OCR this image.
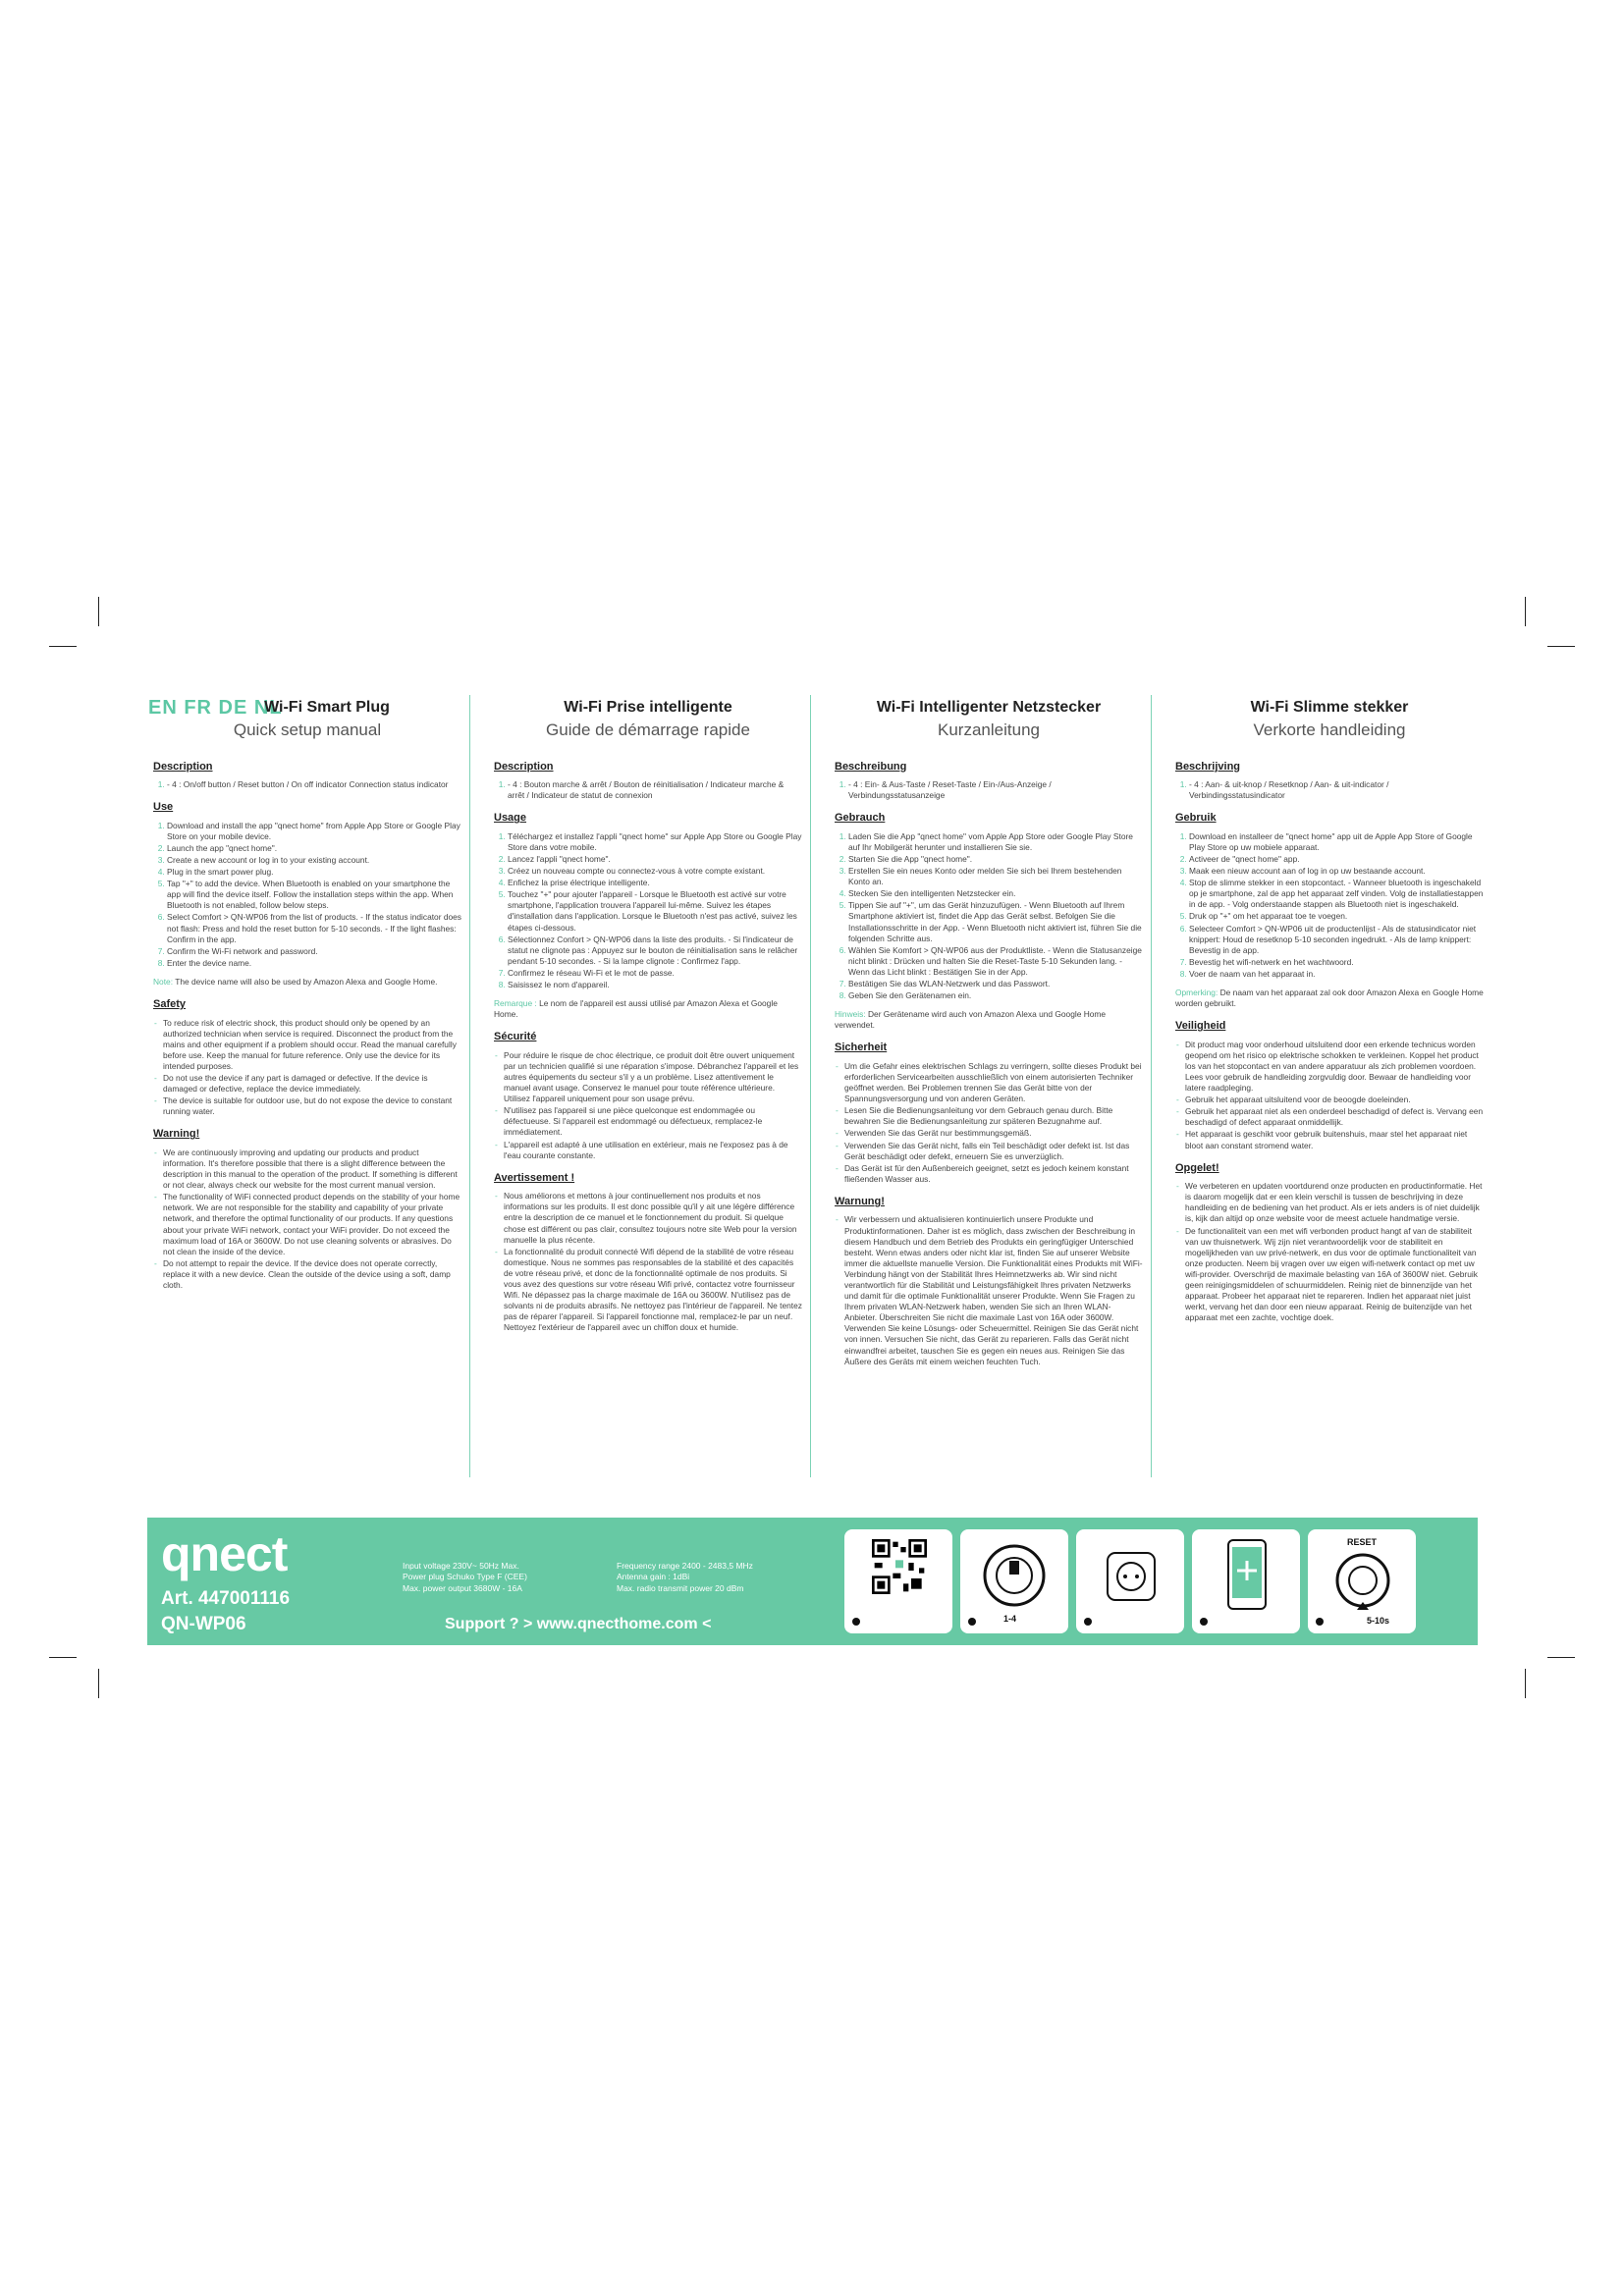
EN FR DE NL
Wi-Fi Smart Plug
Quick setup manual
Description
1. - 4 : On/off button / Reset button / On off indicator Connection status indicator
Use
1. Download and install the app "qnect home" from Apple App Store or Google Play Store on your mobile device.
2. Launch the app "qnect home".
3. Create a new account or log in to your existing account.
4. Plug in the smart power plug.
5. Tap "+" to add the device. When Bluetooth is enabled on your smartphone the app will find the device itself. Follow the installation steps within the app. When Bluetooth is not enabled, follow below steps.
6. Select Comfort > QN-WP06 from the list of products. - If the status indicator does not flash: Press and hold the reset button for 5-10 seconds. - If the light flashes: Confirm in the app.
7. Confirm the Wi-Fi network and password.
8. Enter the device name.
Note: The device name will also be used by Amazon Alexa and Google Home.
Safety
- To reduce risk of electric shock, this product should only be opened by an authorized technician when service is required. Disconnect the product from the mains and other equipment if a problem should occur. Read the manual carefully before use. Keep the manual for future reference. Only use the device for its intended purposes.
- Do not use the device if any part is damaged or defective. If the device is damaged or defective, replace the device immediately.
- The device is suitable for outdoor use, but do not expose the device to constant running water.
Warning!
- We are continuously improving and updating our products and product information. It's therefore possible that there is a slight difference between the description in this manual to the operation of the product. If something is different or not clear, always check our website for the most current manual version.
- The functionality of WiFi connected product depends on the stability of your home network. We are not responsible for the stability and capability of your private network, and therefore the optimal functionality of our products. If any questions about your private WiFi network, contact your WiFi provider. Do not exceed the maximum load of 16A or 3600W. Do not use cleaning solvents or abrasives. Do not clean the inside of the device.
- Do not attempt to repair the device. If the device does not operate correctly, replace it with a new device. Clean the outside of the device using a soft, damp cloth.
Wi-Fi Prise intelligente
Guide de démarrage rapide
Description
1. - 4 : Bouton marche & arrêt / Bouton de réinitialisation / Indicateur marche & arrêt / Indicateur de statut de connexion
Usage
1. Téléchargez et installez l'appli "qnect home" sur Apple App Store ou Google Play Store dans votre mobile.
2. Lancez l'appli "qnect home".
3. Créez un nouveau compte ou connectez-vous à votre compte existant.
4. Enfichez la prise électrique intelligente.
5. Touchez "+" pour ajouter l'appareil - Lorsque le Bluetooth est activé sur votre smartphone, l'application trouvera l'appareil lui-même. Suivez les étapes d'installation dans l'application. Lorsque le Bluetooth n'est pas activé, suivez les étapes ci-dessous.
6. Sélectionnez Confort > QN-WP06 dans la liste des produits. - Si l'indicateur de statut ne clignote pas : Appuyez sur le bouton de réinitialisation sans le relâcher pendant 5-10 secondes. - Si la lampe clignote : Confirmez l'app.
7. Confirmez le réseau Wi-Fi et le mot de passe.
8. Saisissez le nom d'appareil.
Remarque : Le nom de l'appareil est aussi utilisé par Amazon Alexa et Google Home.
Sécurité
- Pour réduire le risque de choc électrique, ce produit doit être ouvert uniquement par un technicien qualifié si une réparation s'impose. Débranchez l'appareil et les autres équipements du secteur s'il y a un problème. Lisez attentivement le manuel avant usage. Conservez le manuel pour toute référence ultérieure. Utilisez l'appareil uniquement pour son usage prévu.
- N'utilisez pas l'appareil si une pièce quelconque est endommagée ou défectueuse. Si l'appareil est endommagé ou défectueux, remplacez-le immédiatement.
- L'appareil est adapté à une utilisation en extérieur, mais ne l'exposez pas à de l'eau courante constante.
Avertissement !
- Nous améliorons et mettons à jour continuellement nos produits et nos informations sur les produits. Il est donc possible qu'il y ait une légère différence entre la description de ce manuel et le fonctionnement du produit. Si quelque chose est différent ou pas clair, consultez toujours notre site Web pour la version manuelle la plus récente.
- La fonctionnalité du produit connecté Wifi dépend de la stabilité de votre réseau domestique. Nous ne sommes pas responsables de la stabilité et des capacités de votre réseau privé, et donc de la fonctionnalité optimale de nos produits. Si vous avez des questions sur votre réseau Wifi privé, contactez votre fournisseur Wifi. Ne dépassez pas la charge maximale de 16A ou 3600W. N'utilisez pas de solvants ni de produits abrasifs. Ne nettoyez pas l'intérieur de l'appareil. Ne tentez pas de réparer l'appareil. Si l'appareil fonctionne mal, remplacez-le par un neuf. Nettoyez l'extérieur de l'appareil avec un chiffon doux et humide.
Wi-Fi Intelligenter Netzstecker
Kurzanleitung
Beschreibung
1. - 4 : Ein- & Aus-Taste / Reset-Taste / Ein-/Aus-Anzeige / Verbindungsstatusanzeige
Gebrauch
1. Laden Sie die App "qnect home" vom Apple App Store oder Google Play Store auf Ihr Mobilgerät herunter und installieren Sie sie.
2. Starten Sie die App "qnect home".
3. Erstellen Sie ein neues Konto oder melden Sie sich bei Ihrem bestehenden Konto an.
4. Stecken Sie den intelligenten Netzstecker ein.
5. Tippen Sie auf "+", um das Gerät hinzuzufügen. - Wenn Bluetooth auf Ihrem Smartphone aktiviert ist, findet die App das Gerät selbst. Befolgen Sie die Installationsschritte in der App. - Wenn Bluetooth nicht aktiviert ist, führen Sie die folgenden Schritte aus.
6. Wählen Sie Komfort > QN-WP06 aus der Produktliste. - Wenn die Statusanzeige nicht blinkt : Drücken und halten Sie die Reset-Taste 5-10 Sekunden lang. - Wenn das Licht blinkt : Bestätigen Sie in der App.
7. Bestätigen Sie das WLAN-Netzwerk und das Passwort.
8. Geben Sie den Gerätenamen ein.
Hinweis: Der Gerätename wird auch von Amazon Alexa und Google Home verwendet.
Sicherheit
- Um die Gefahr eines elektrischen Schlags zu verringern, sollte dieses Produkt bei erforderlichen Servicearbeiten ausschließlich von einem autorisierten Techniker geöffnet werden. Bei Problemen trennen Sie das Gerät bitte von der Spannungsversorgung und von anderen Geräten.
- Lesen Sie die Bedienungsanleitung vor dem Gebrauch genau durch. Bitte bewahren Sie die Bedienungsanleitung zur späteren Bezugnahme auf.
- Verwenden Sie das Gerät nur bestimmungsgemäß.
- Verwenden Sie das Gerät nicht, falls ein Teil beschädigt oder defekt ist. Ist das Gerät beschädigt oder defekt, erneuern Sie es unverzüglich.
- Das Gerät ist für den Außenbereich geeignet, setzt es jedoch keinem konstant fließenden Wasser aus.
Warnung!
- Wir verbessern und aktualisieren kontinuierlich unsere Produkte und Produktinformationen. Daher ist es möglich, dass zwischen der Beschreibung in diesem Handbuch und dem Betrieb des Produkts ein geringfügiger Unterschied besteht. Wenn etwas anders oder nicht klar ist, finden Sie auf unserer Website immer die aktuellste manuelle Version. Die Funktionalität eines Produkts mit WiFi-Verbindung hängt von der Stabilität Ihres Heimnetzwerks ab. Wir sind nicht verantwortlich für die Stabilität und Leistungsfähigkeit Ihres privaten Netzwerks und damit für die optimale Funktionalität unserer Produkte. Wenn Sie Fragen zu Ihrem privaten WLAN-Netzwerk haben, wenden Sie sich an Ihren WLAN-Anbieter. Überschreiten Sie nicht die maximale Last von 16A oder 3600W. Verwenden Sie keine Lösungs- oder Scheuermittel. Reinigen Sie das Gerät nicht von innen. Versuchen Sie nicht, das Gerät zu reparieren. Falls das Gerät nicht einwandfrei arbeitet, tauschen Sie es gegen ein neues aus. Reinigen Sie das Äußere des Geräts mit einem weichen feuchten Tuch.
Wi-Fi Slimme stekker
Verkorte handleiding
Beschrijving
1. - 4 : Aan- & uit-knop / Resetknop / Aan- & uit-indicator / Verbindingsstatusindicator
Gebruik
1. Download en installeer de "qnect home" app uit de Apple App Store of Google Play Store op uw mobiele apparaat.
2. Activeer de "qnect home" app.
3. Maak een nieuw account aan of log in op uw bestaande account.
4. Stop de slimme stekker in een stopcontact. - Wanneer bluetooth is ingeschakeld op je smartphone, zal de app het apparaat zelf vinden. Volg de installatiestappen in de app. - Volg onderstaande stappen als Bluetooth niet is ingeschakeld.
5. Druk op "+" om het apparaat toe te voegen.
6. Selecteer Comfort > QN-WP06 uit de productenlijst - Als de statusindicator niet knippert: Houd de resetknop 5-10 seconden ingedrukt. - Als de lamp knippert: Bevestig in de app.
7. Bevestig het wifi-netwerk en het wachtwoord.
8. Voer de naam van het apparaat in.
Opmerking: De naam van het apparaat zal ook door Amazon Alexa en Google Home worden gebruikt.
Veiligheid
- Dit product mag voor onderhoud uitsluitend door een erkende technicus worden geopend om het risico op elektrische schokken te verkleinen. Koppel het product los van het stopcontact en van andere apparatuur als zich problemen voordoen. Lees voor gebruik de handleiding zorgvuldig door. Bewaar de handleiding voor latere raadpleging.
- Gebruik het apparaat uitsluitend voor de beoogde doeleinden.
- Gebruik het apparaat niet als een onderdeel beschadigd of defect is. Vervang een beschadigd of defect apparaat onmiddellijk.
- Het apparaat is geschikt voor gebruik buitenshuis, maar stel het apparaat niet bloot aan constant stromend water.
Opgelet!
- We verbeteren en updaten voortdurend onze producten en productinformatie. Het is daarom mogelijk dat er een klein verschil is tussen de beschrijving in deze handleiding en de bediening van het product. Als er iets anders is of niet duidelijk is, kijk dan altijd op onze website voor de meest actuele handmatige versie.
- De functionaliteit van een met wifi verbonden product hangt af van de stabiliteit van uw thuisnetwerk. Wij zijn niet verantwoordelijk voor de stabiliteit en mogelijkheden van uw privé-netwerk, en dus voor de optimale functionaliteit van onze producten. Neem bij vragen over uw eigen wifi-netwerk contact op met uw wifi-provider. Overschrijd de maximale belasting van 16A of 3600W niet. Gebruik geen reinigingsmiddelen of schuurmiddelen. Reinig niet de binnenzijde van het apparaat. Probeer het apparaat niet te repareren. Indien het apparaat niet juist werkt, vervang het dan door een nieuw apparaat. Reinig de buitenzijde van het apparaat met een zachte, vochtige doek.
qnect
Art. 447001116
QN-WP06
Input voltage 230V~ 50Hz Max.
Power plug Schuko Type F (CEE)
Max. power output 3680W - 16A
Frequency range 2400 - 2483,5 MHz
Antenna gain : 1dBi
Max. radio transmit power 20 dBm
Support ? > www.qnecthome.com <	1-4
RESET
5-10s
